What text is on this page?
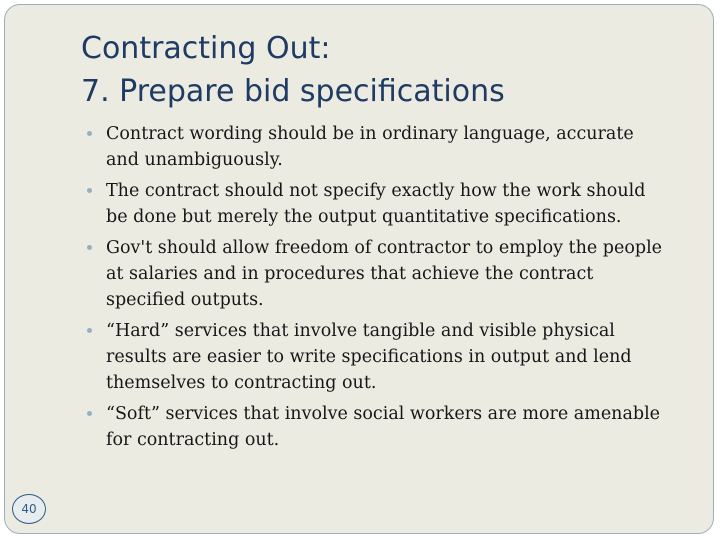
Contracting Out:
7. Prepare bid specifications
Contract wording should be in ordinary language, accurate and unambiguously.
The contract should not specify exactly how the work should be done but merely the output quantitative specifications.
Gov't should allow freedom of contractor to employ the people at salaries and in procedures that achieve the contract specified outputs.
“Hard” services that involve tangible and visible physical results are easier to write specifications in output and lend themselves to contracting out.
“Soft” services that involve social workers are more amenable for contracting out.
40
